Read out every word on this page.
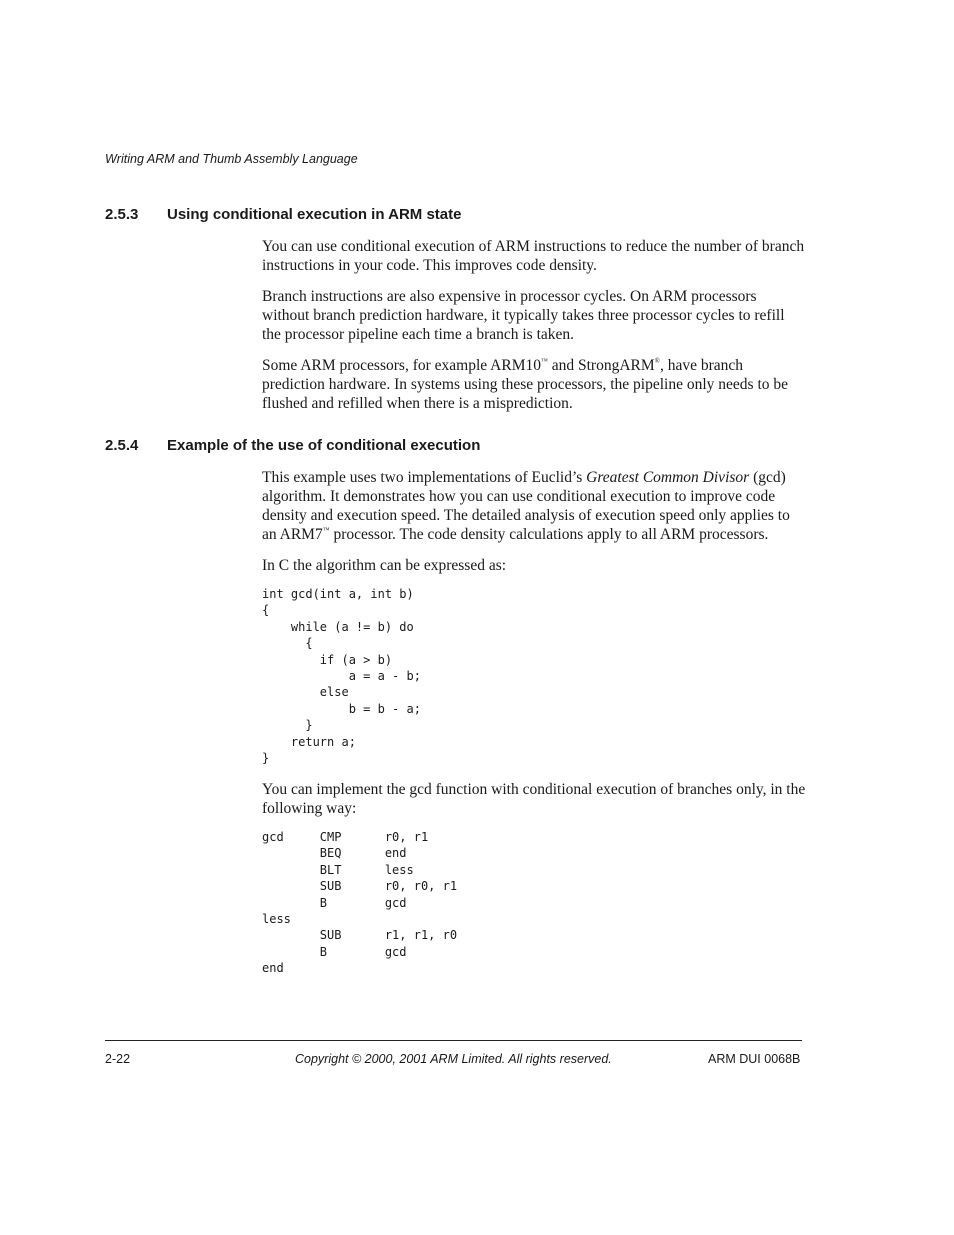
Writing ARM and Thumb Assembly Language
2.5.3 Using conditional execution in ARM state

You can use conditional execution of ARM instructions to reduce the number of branch instructions in your code. This improves code density.

Branch instructions are also expensive in processor cycles. On ARM processors without branch prediction hardware, it typically takes three processor cycles to refill the processor pipeline each time a branch is taken.

Some ARM processors, for example ARM10™ and StrongARM®, have branch prediction hardware. In systems using these processors, the pipeline only needs to be flushed and refilled when there is a misprediction.

2.5.4 Example of the use of conditional execution

This example uses two implementations of Euclid’s Greatest Common Divisor (gcd) algorithm. It demonstrates how you can use conditional execution to improve code density and execution speed. The detailed analysis of execution speed only applies to an ARM7™ processor. The code density calculations apply to all ARM processors.

In C the algorithm can be expressed as:

int gcd(int a, int b)
{
while (a != b) do
{
if (a > b)
a = a - b;
else
b = b - a;
}
return a;
}

You can implement the gcd function with conditional execution of branches only, in the following way:

gcd     CMP      r0, r1
BEQ      end
BLT      less
SUB      r0, r0, r1
B        gcd
less
SUB      r1, r1, r0
B        gcd
end
2-22	Copyright © 2000, 2001 ARM Limited. All rights reserved.	ARM DUI 0068B
